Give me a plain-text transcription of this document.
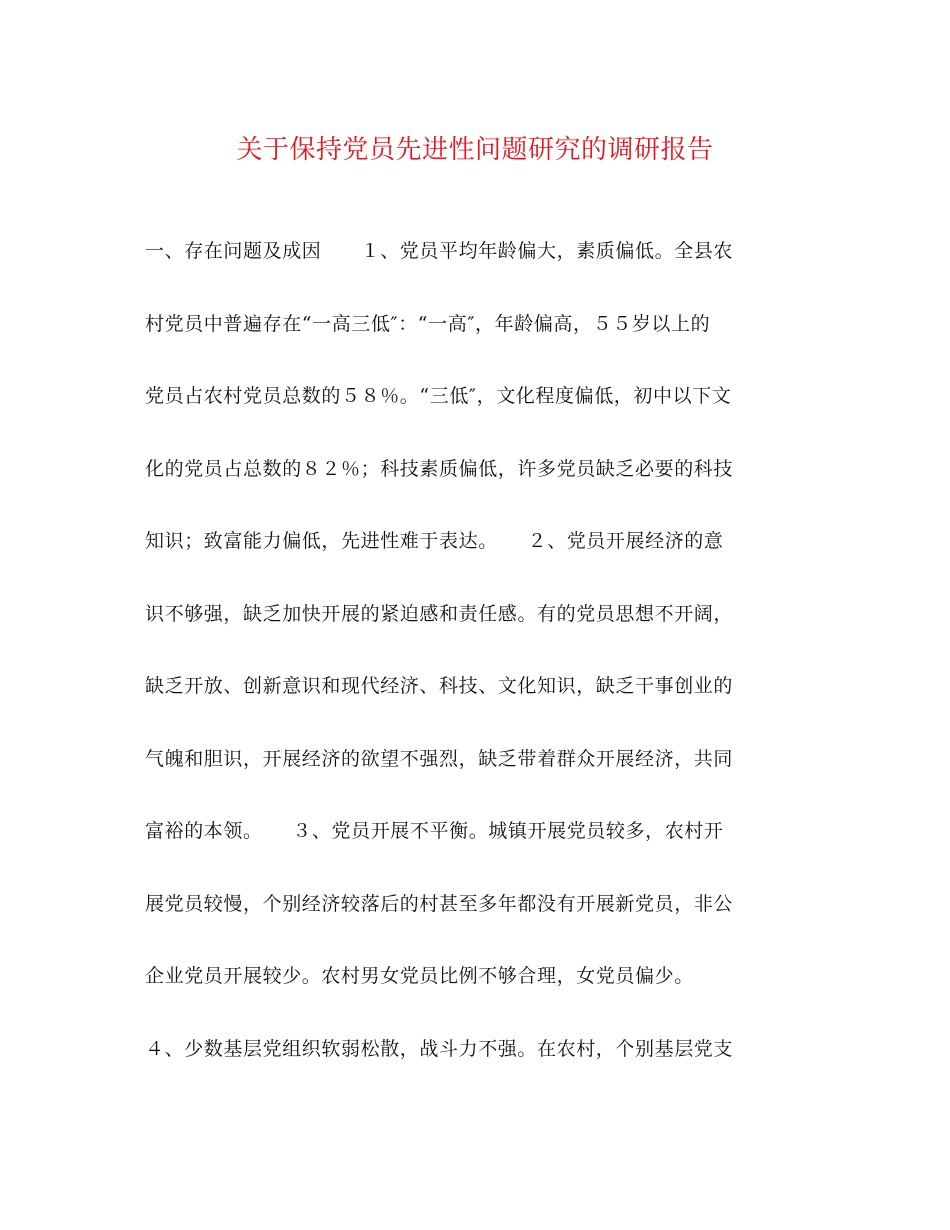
关于保持党员先进性问题研究的调研报告
一、存在问题及成因　　１、党员平均年龄偏大，素质偏低。全县农
村党员中普遍存在“一高三低″：“一高″，年龄偏高，５５岁以上的
党员占农村党员总数的５８％。“三低″，文化程度偏低，初中以下文
化的党员占总数的８２％；科技素质偏低，许多党员缺乏必要的科技
知识；致富能力偏低，先进性难于表达。　　２、党员开展经济的意
识不够强，缺乏加快开展的紧迫感和责任感。有的党员思想不开阔，
缺乏开放、创新意识和现代经济、科技、文化知识，缺乏干事创业的
气魄和胆识，开展经济的欲望不强烈，缺乏带着群众开展经济，共同
富裕的本领。　　３、党员开展不平衡。城镇开展党员较多，农村开
展党员较慢，个别经济较落后的村甚至多年都没有开展新党员，非公
企业党员开展较少。农村男女党员比例不够合理，女党员偏少。
４、少数基层党组织软弱松散，战斗力不强。在农村，个别基层党支
